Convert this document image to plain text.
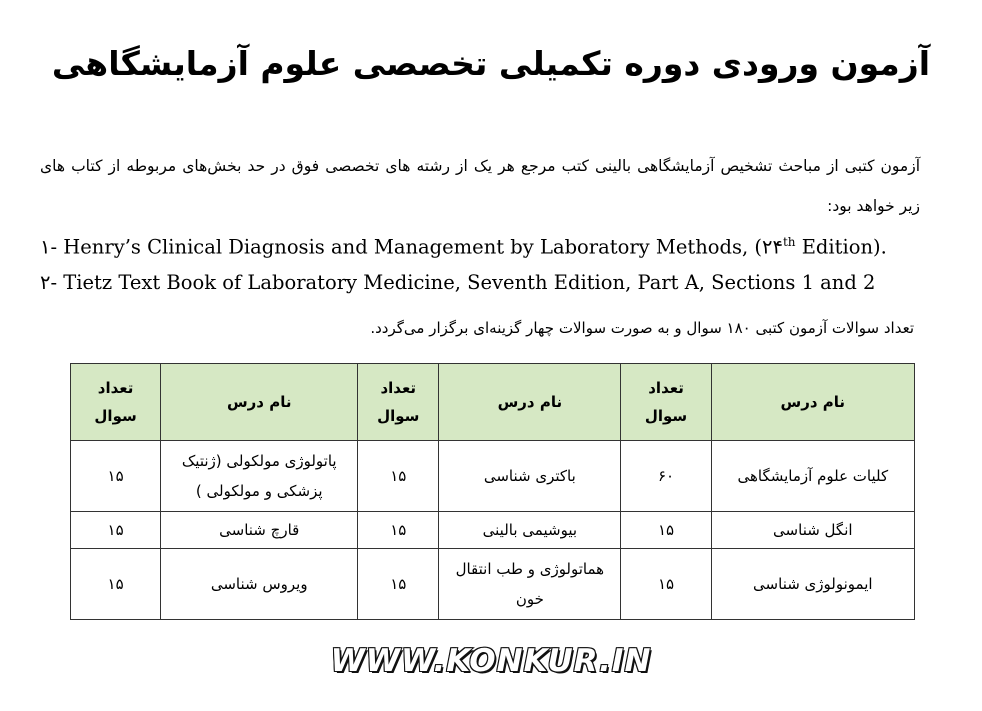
آزمون ورودی دوره تکمیلی تخصصی علوم آزمایشگاهی
آزمون کتبی از مباحث تشخیص آزمایشگاهی بالینی کتب مرجع هر یک از رشته های تخصصی فوق در حد بخش‌های مربوطه از کتاب های زیر خواهد بود:
۱- Henry’s Clinical Diagnosis and Management by Laboratory Methods, (۲۴th Edition).
۲- Tietz Text Book of Laboratory Medicine, Seventh Edition, Part A, Sections 1 and 2
تعداد سوالات آزمون کتبی ۱۸۰ سوال و به صورت سوالات چهار گزینه‌ای برگزار می‌گردد.
نام درس	تعداد سوال	نام درس	تعداد سوال	نام درس	تعداد سوال
کلیات علوم آزمایشگاهی	۶۰	باکتری شناسی	۱۵	پاتولوژی مولکولی (ژنتیک پزشکی و مولکولی )	۱۵
انگل شناسی	۱۵	بیوشیمی بالینی	۱۵	قارچ شناسی	۱۵
ایمونولوژی شناسی	۱۵	هماتولوژی و طب انتقال خون	۱۵	ویروس شناسی	۱۵
WWW.KONKUR.IN
